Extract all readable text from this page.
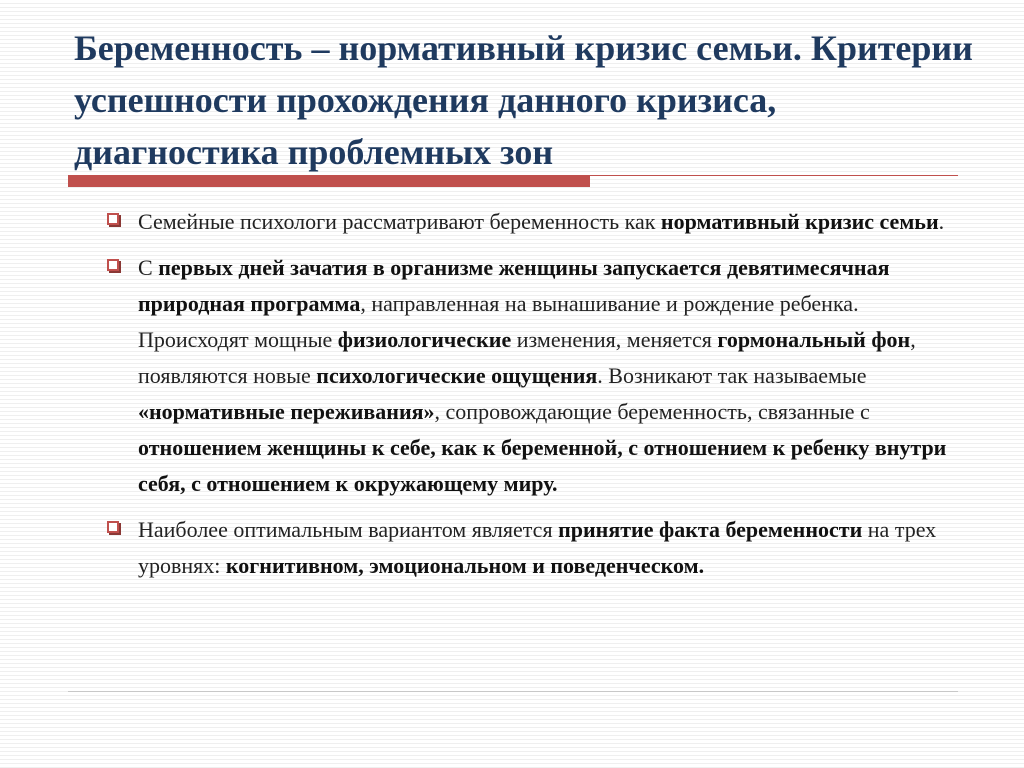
Беременность – нормативный кризис семьи. Критерии успешности прохождения данного кризиса, диагностика проблемных зон
Семейные психологи рассматривают беременность как нормативный кризис семьи.
С первых дней зачатия в организме женщины запускается девятимесячная природная программа, направленная на вынашивание и рождение ребенка. Происходят мощные физиологические изменения, меняется гормональный фон, появляются новые психологические ощущения. Возникают так называемые «нормативные переживания», сопровождающие беременность, связанные с отношением женщины к себе, как к беременной, с отношением к ребенку внутри себя, с отношением к окружающему миру.
Наиболее оптимальным вариантом является принятие факта беременности на трех уровнях: когнитивном, эмоциональном и поведенческом.
